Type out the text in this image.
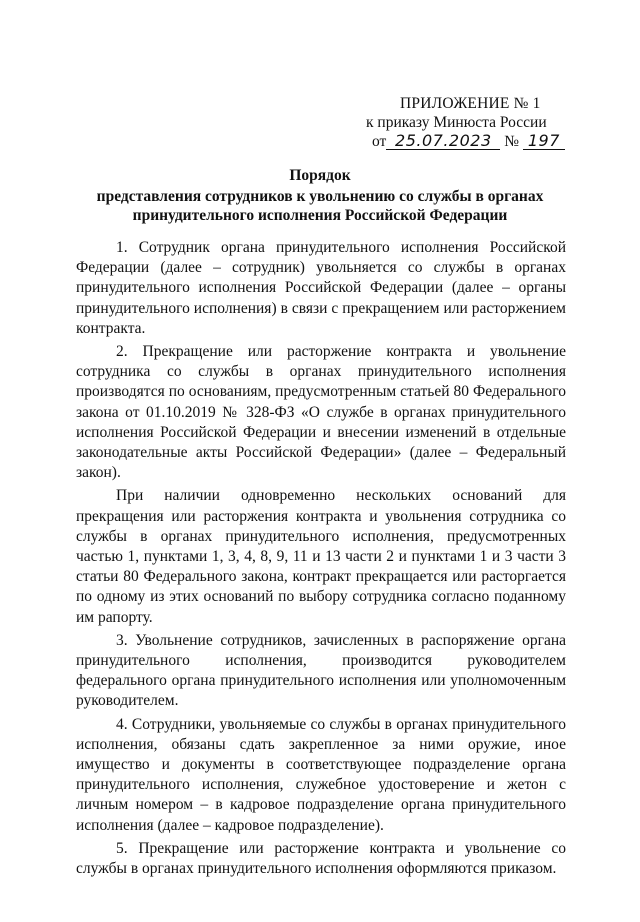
ПРИЛОЖЕНИЕ № 1
к приказу Минюста России
от 25.07.2023 № 197
Порядок
представления сотрудников к увольнению со службы в органах
принудительного исполнения Российской Федерации

1. Сотрудник органа принудительного исполнения Российской Федерации (далее – сотрудник) увольняется со службы в органах принудительного исполнения Российской Федерации (далее – органы принудительного исполнения) в связи с прекращением или расторжением контракта.

2. Прекращение или расторжение контракта и увольнение сотрудника со службы в органах принудительного исполнения производятся по основаниям, предусмотренным статьей 80 Федерального закона от 01.10.2019 № 328-ФЗ «О службе в органах принудительного исполнения Российской Федерации и внесении изменений в отдельные законодательные акты Российской Федерации» (далее – Федеральный закон).

При наличии одновременно нескольких оснований для прекращения или расторжения контракта и увольнения сотрудника со службы в органах принудительного исполнения, предусмотренных частью 1, пунктами 1, 3, 4, 8, 9, 11 и 13 части 2 и пунктами 1 и 3 части 3 статьи 80 Федерального закона, контракт прекращается или расторгается по одному из этих оснований по выбору сотрудника согласно поданному им рапорту.

3. Увольнение сотрудников, зачисленных в распоряжение органа принудительного исполнения, производится руководителем федерального органа принудительного исполнения или уполномоченным руководителем.

4. Сотрудники, увольняемые со службы в органах принудительного исполнения, обязаны сдать закрепленное за ними оружие, иное имущество и документы в соответствующее подразделение органа принудительного исполнения, служебное удостоверение и жетон с личным номером – в кадровое подразделение органа принудительного исполнения (далее – кадровое подразделение).

5. Прекращение или расторжение контракта и увольнение со службы в органах принудительного исполнения оформляются приказом.
